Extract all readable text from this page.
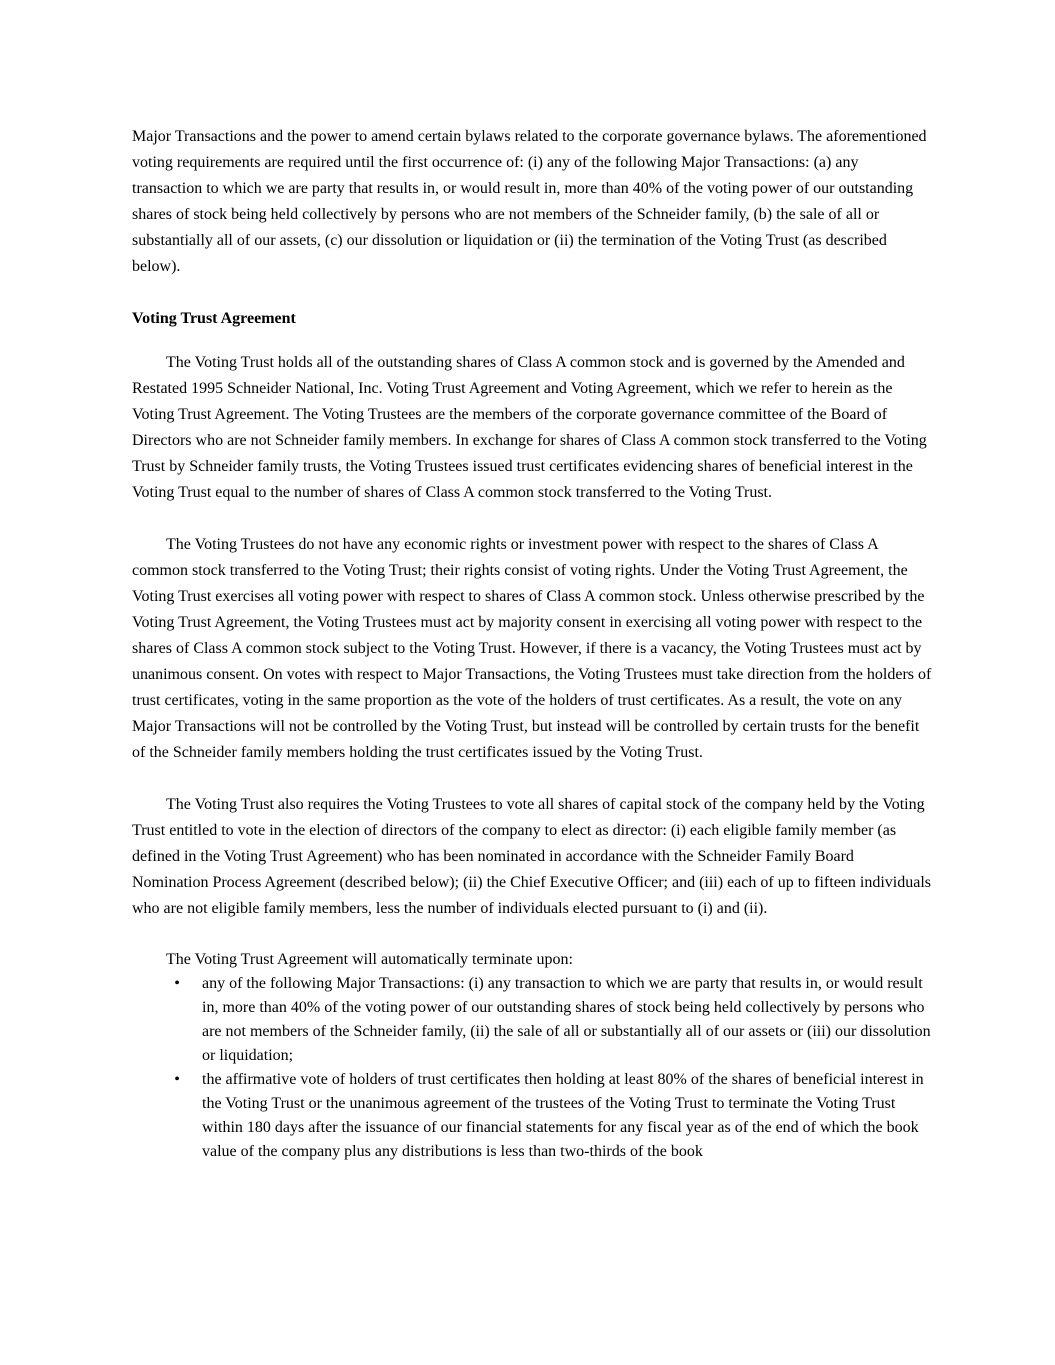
Major Transactions and the power to amend certain bylaws related to the corporate governance bylaws. The aforementioned voting requirements are required until the first occurrence of: (i) any of the following Major Transactions: (a) any transaction to which we are party that results in, or would result in, more than 40% of the voting power of our outstanding shares of stock being held collectively by persons who are not members of the Schneider family, (b) the sale of all or substantially all of our assets, (c) our dissolution or liquidation or (ii) the termination of the Voting Trust (as described below).

Voting Trust Agreement

The Voting Trust holds all of the outstanding shares of Class A common stock and is governed by the Amended and Restated 1995 Schneider National, Inc. Voting Trust Agreement and Voting Agreement, which we refer to herein as the Voting Trust Agreement. The Voting Trustees are the members of the corporate governance committee of the Board of Directors who are not Schneider family members. In exchange for shares of Class A common stock transferred to the Voting Trust by Schneider family trusts, the Voting Trustees issued trust certificates evidencing shares of beneficial interest in the Voting Trust equal to the number of shares of Class A common stock transferred to the Voting Trust.

The Voting Trustees do not have any economic rights or investment power with respect to the shares of Class A common stock transferred to the Voting Trust; their rights consist of voting rights. Under the Voting Trust Agreement, the Voting Trust exercises all voting power with respect to shares of Class A common stock. Unless otherwise prescribed by the Voting Trust Agreement, the Voting Trustees must act by majority consent in exercising all voting power with respect to the shares of Class A common stock subject to the Voting Trust. However, if there is a vacancy, the Voting Trustees must act by unanimous consent. On votes with respect to Major Transactions, the Voting Trustees must take direction from the holders of trust certificates, voting in the same proportion as the vote of the holders of trust certificates. As a result, the vote on any Major Transactions will not be controlled by the Voting Trust, but instead will be controlled by certain trusts for the benefit of the Schneider family members holding the trust certificates issued by the Voting Trust.

The Voting Trust also requires the Voting Trustees to vote all shares of capital stock of the company held by the Voting Trust entitled to vote in the election of directors of the company to elect as director: (i) each eligible family member (as defined in the Voting Trust Agreement) who has been nominated in accordance with the Schneider Family Board Nomination Process Agreement (described below); (ii) the Chief Executive Officer; and (iii) each of up to fifteen individuals who are not eligible family members, less the number of individuals elected pursuant to (i) and (ii).

The Voting Trust Agreement will automatically terminate upon:

• any of the following Major Transactions: (i) any transaction to which we are party that results in, or would result in, more than 40% of the voting power of our outstanding shares of stock being held collectively by persons who are not members of the Schneider family, (ii) the sale of all or substantially all of our assets or (iii) our dissolution or liquidation;
• the affirmative vote of holders of trust certificates then holding at least 80% of the shares of beneficial interest in the Voting Trust or the unanimous agreement of the trustees of the Voting Trust to terminate the Voting Trust within 180 days after the issuance of our financial statements for any fiscal year as of the end of which the book value of the company plus any distributions is less than two-thirds of the book
